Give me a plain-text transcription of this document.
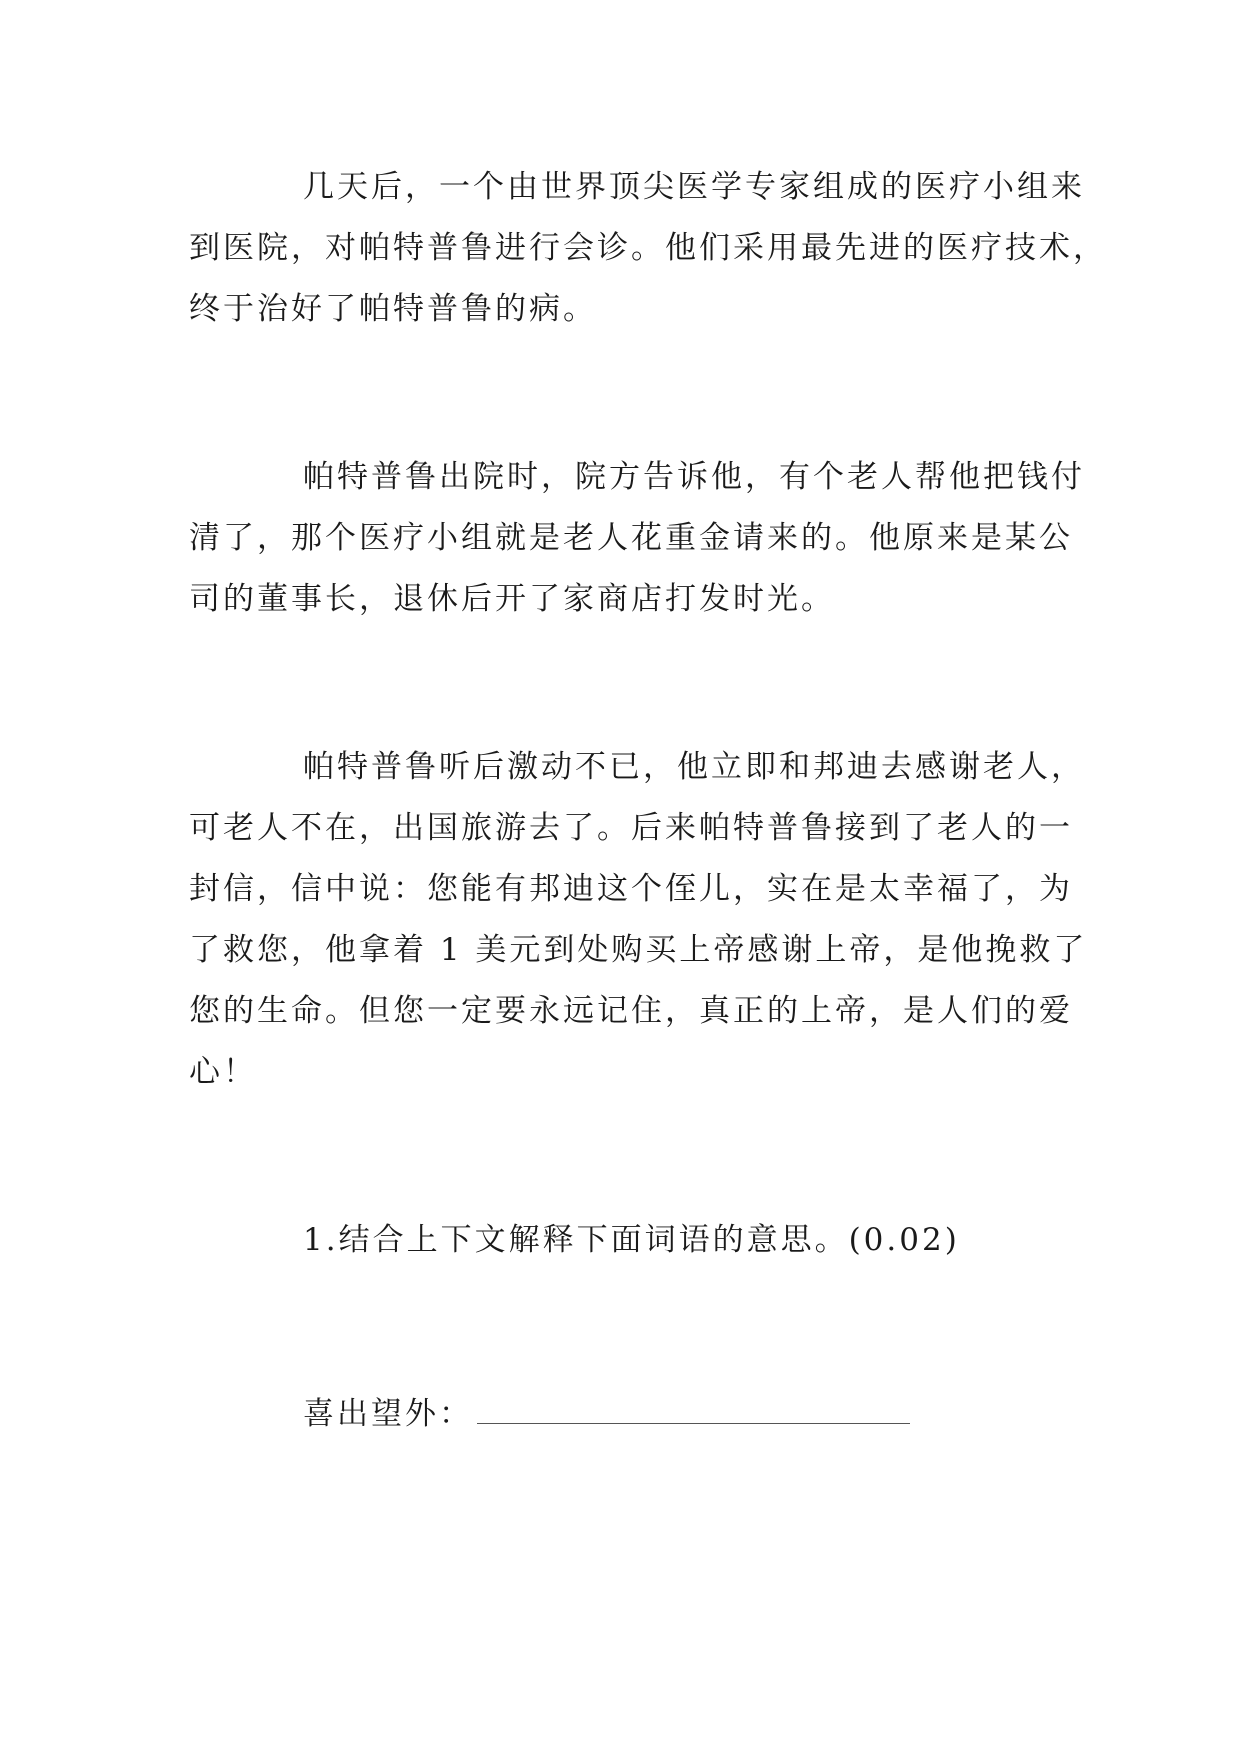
几天后，一个由世界顶尖医学专家组成的医疗小组来
到医院，对帕特普鲁进行会诊。他们采用最先进的医疗技术，
终于治好了帕特普鲁的病。

帕特普鲁出院时，院方告诉他，有个老人帮他把钱付
清了，那个医疗小组就是老人花重金请来的。他原来是某公
司的董事长，退休后开了家商店打发时光。

帕特普鲁听后激动不已，他立即和邦迪去感谢老人，
可老人不在，出国旅游去了。后来帕特普鲁接到了老人的一
封信，信中说：您能有邦迪这个侄儿，实在是太幸福了，为
了救您，他拿着 1 美元到处购买上帝感谢上帝，是他挽救了
您的生命。但您一定要永远记住，真正的上帝，是人们的爱
心！

1.结合上下文解释下面词语的意思。(0.02)

喜出望外：
